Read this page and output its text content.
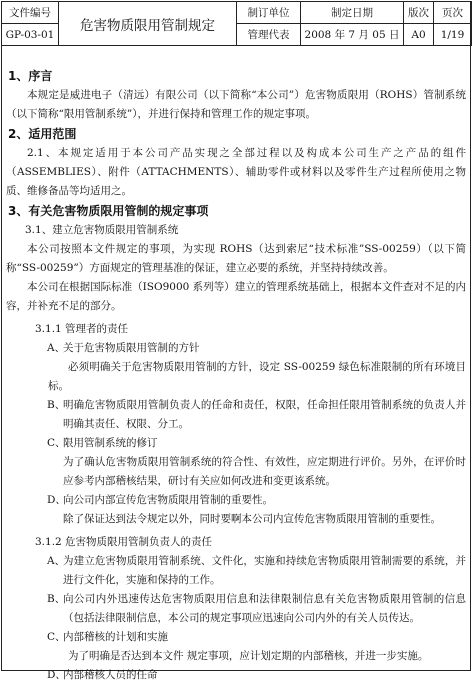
文件编号	危害物质限用管制规定	制订单位	制定日期	版次	页次
GP-03-01		管理代表	2008 年 7 月 05 日	A0	1/19

1、序言

本规定是威进电子（清远）有限公司（以下简称“本公司”）危害物质限用（ROHS）管制系统（以下简称“限用管制系统”），并进行保持和管理工作的规定事项。

2、适用范围

2.1、本规定适用于本公司产品实现之全部过程以及构成本公司生产之产品的组件（ASSEMBLIES）、附件（ATTACHMENTS）、辅助零件或材料以及零件生产过程所使用之物质、维修备品等均适用之。

3、有关危害物质限用管制的规定事项

3.1、建立危害物质限用管制系统

本公司按照本文件规定的事项，为实现 ROHS（达到索尼“技术标准”SS-00259）（以下简称“SS-00259”）方面规定的管理基准的保证，建立必要的系统，并坚持持续改善。

本公司在根据国际标准（ISO9000 系列等）建立的管理系统基础上，根据本文件查对不足的内容，并补充不足的部分。

3.1.1 管理者的责任

A、
关于危害物质限用管制的方针

必须明确关于危害物质限用管制的方针，设定 SS-00259 绿色标准限制的所有环境目标。

B、
明确危害物质限用管制负责人的任命和责任，权限，任命担任限用管制系统的负责人并明确其责任、权限、分工。
C、
限用管制系统的修订

为了确认危害物质限用管制系统的符合性、有效性，应定期进行评价。另外，在评价时应参考内部稽核结果，研讨有关应如何改进和变更该系统。

D、
向公司内部宣传危害物质限用管制的重要性。

除了保证达到法令规定以外，同时要啊本公司内宣传危害物质限用管制的重要性。

3.1.2 危害物质限用管制负责人的责任

A、
为建立危害物质限用管制系统、文件化，实施和持续危害物质限用管制需要的系统，并进行文件化，实施和保持的工作。
B、
向公司内外迅速传达危害物质限用信息和法律限制信息有关危害物质限用管制的信息（包括法律限制信息，本公司的规定事项应迅速向公司内外的有关人员传达。
C、
内部稽核的计划和实施

为了明确是否达到本文件 规定事项，应计划定期的内部稽核，并进一步实施。

D、
内部稽核人员的任命
